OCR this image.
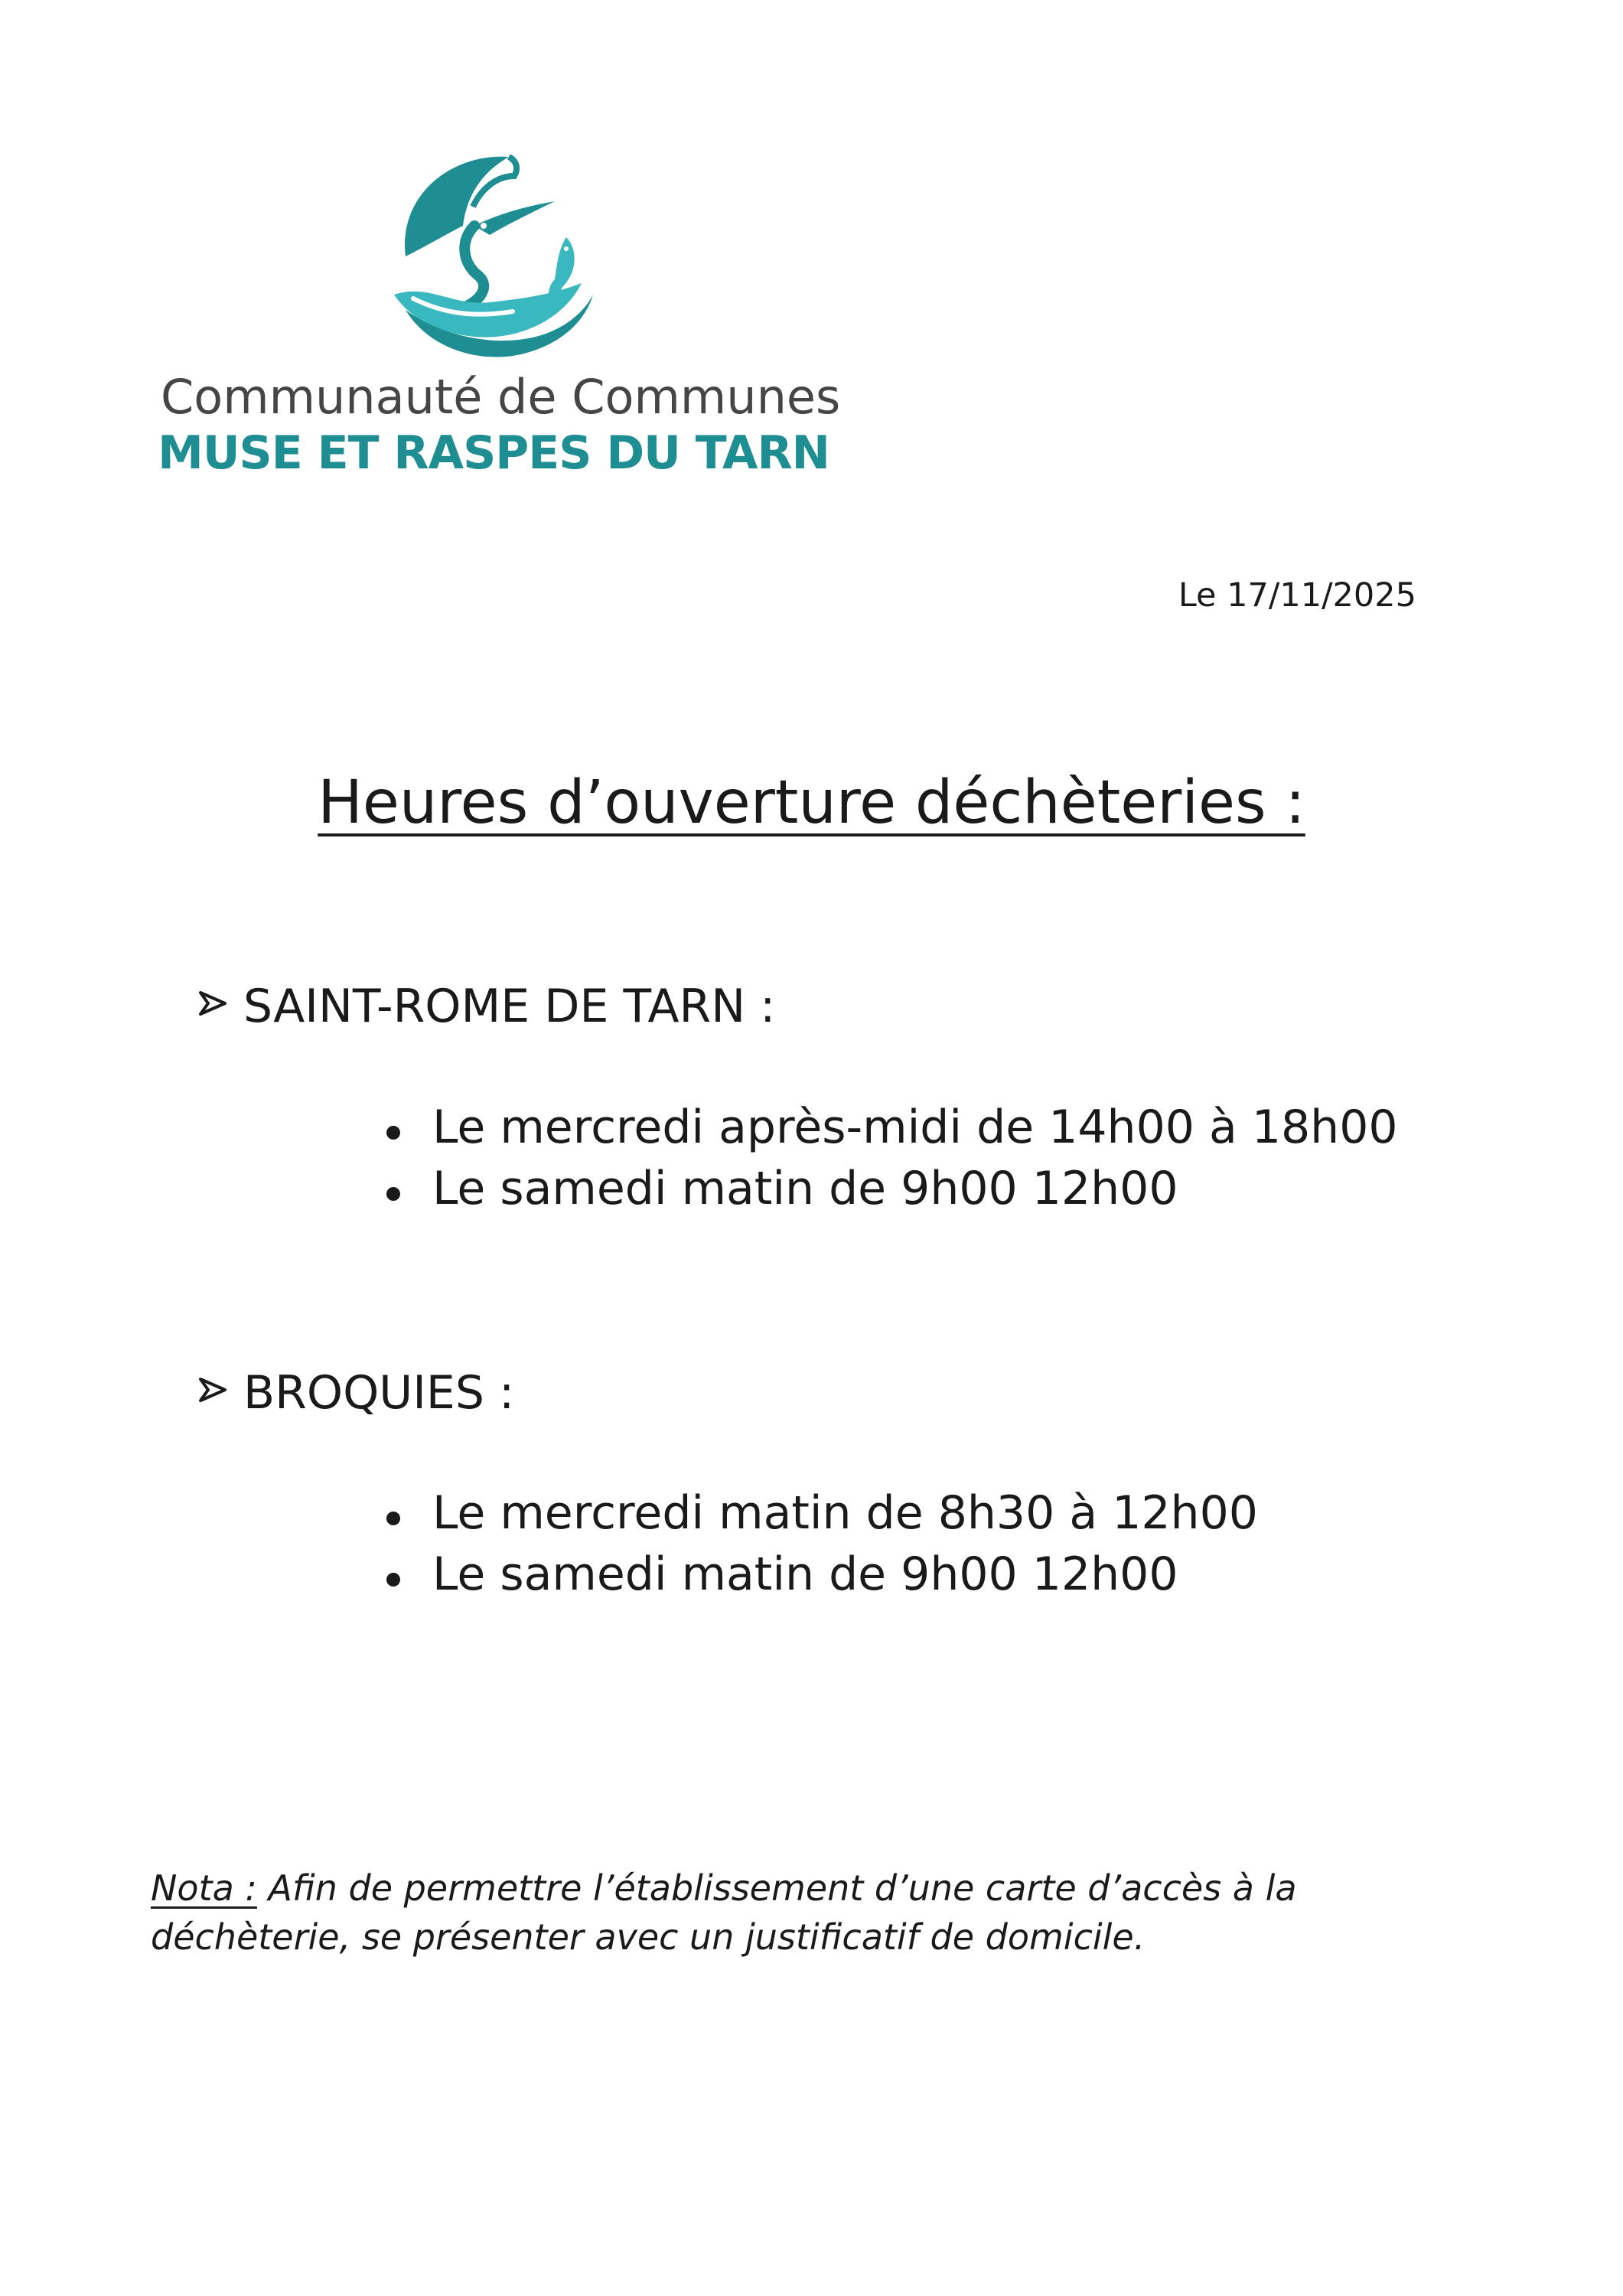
Communauté de Communes
MUSE ET RASPES DU TARN
Le 17/11/2025
Heures d’ouverture déchèteries :
SAINT-ROME DE TARN :
Le mercredi après-midi de 14h00 à 18h00
Le samedi matin de 9h00 12h00
BROQUIES :
Le mercredi matin de 8h30 à 12h00
Le samedi matin de 9h00 12h00
Nota : Afin de permettre l’établissement d’une carte d’accès à la déchèterie, se présenter avec un justificatif de domicile.
